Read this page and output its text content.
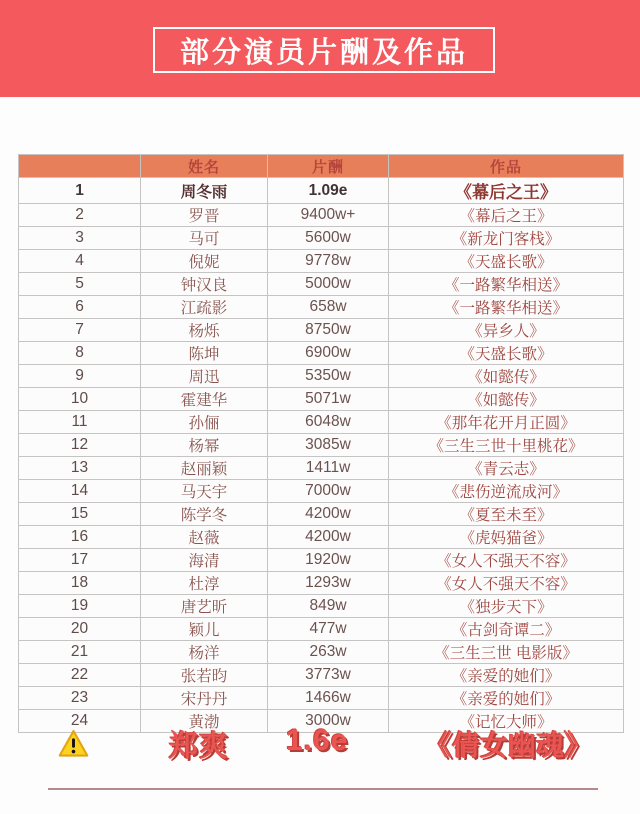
部分演员片酬及作品
	姓名	片酬	作品
1	周冬雨	1.09e	《幕后之王》
2	罗晋	9400w+	《幕后之王》
3	马可	5600w	《新龙门客栈》
4	倪妮	9778w	《天盛长歌》
5	钟汉良	5000w	《一路繁华相送》
6	江疏影	658w	《一路繁华相送》
7	杨烁	8750w	《异乡人》
8	陈坤	6900w	《天盛长歌》
9	周迅	5350w	《如懿传》
10	霍建华	5071w	《如懿传》
11	孙俪	6048w	《那年花开月正圆》
12	杨幂	3085w	《三生三世十里桃花》
13	赵丽颖	1411w	《青云志》
14	马天宇	7000w	《悲伤逆流成河》
15	陈学冬	4200w	《夏至未至》
16	赵薇	4200w	《虎妈猫爸》
17	海清	1920w	《女人不强天不容》
18	杜淳	1293w	《女人不强天不容》
19	唐艺昕	849w	《独步天下》
20	颖儿	477w	《古剑奇谭二》
21	杨洋	263w	《三生三世 电影版》
22	张若昀	3773w	《亲爱的她们》
23	宋丹丹	1466w	《亲爱的她们》
24	黄渤	3000w	《记忆大师》
郑爽 1.6e	《倩女幽魂》
